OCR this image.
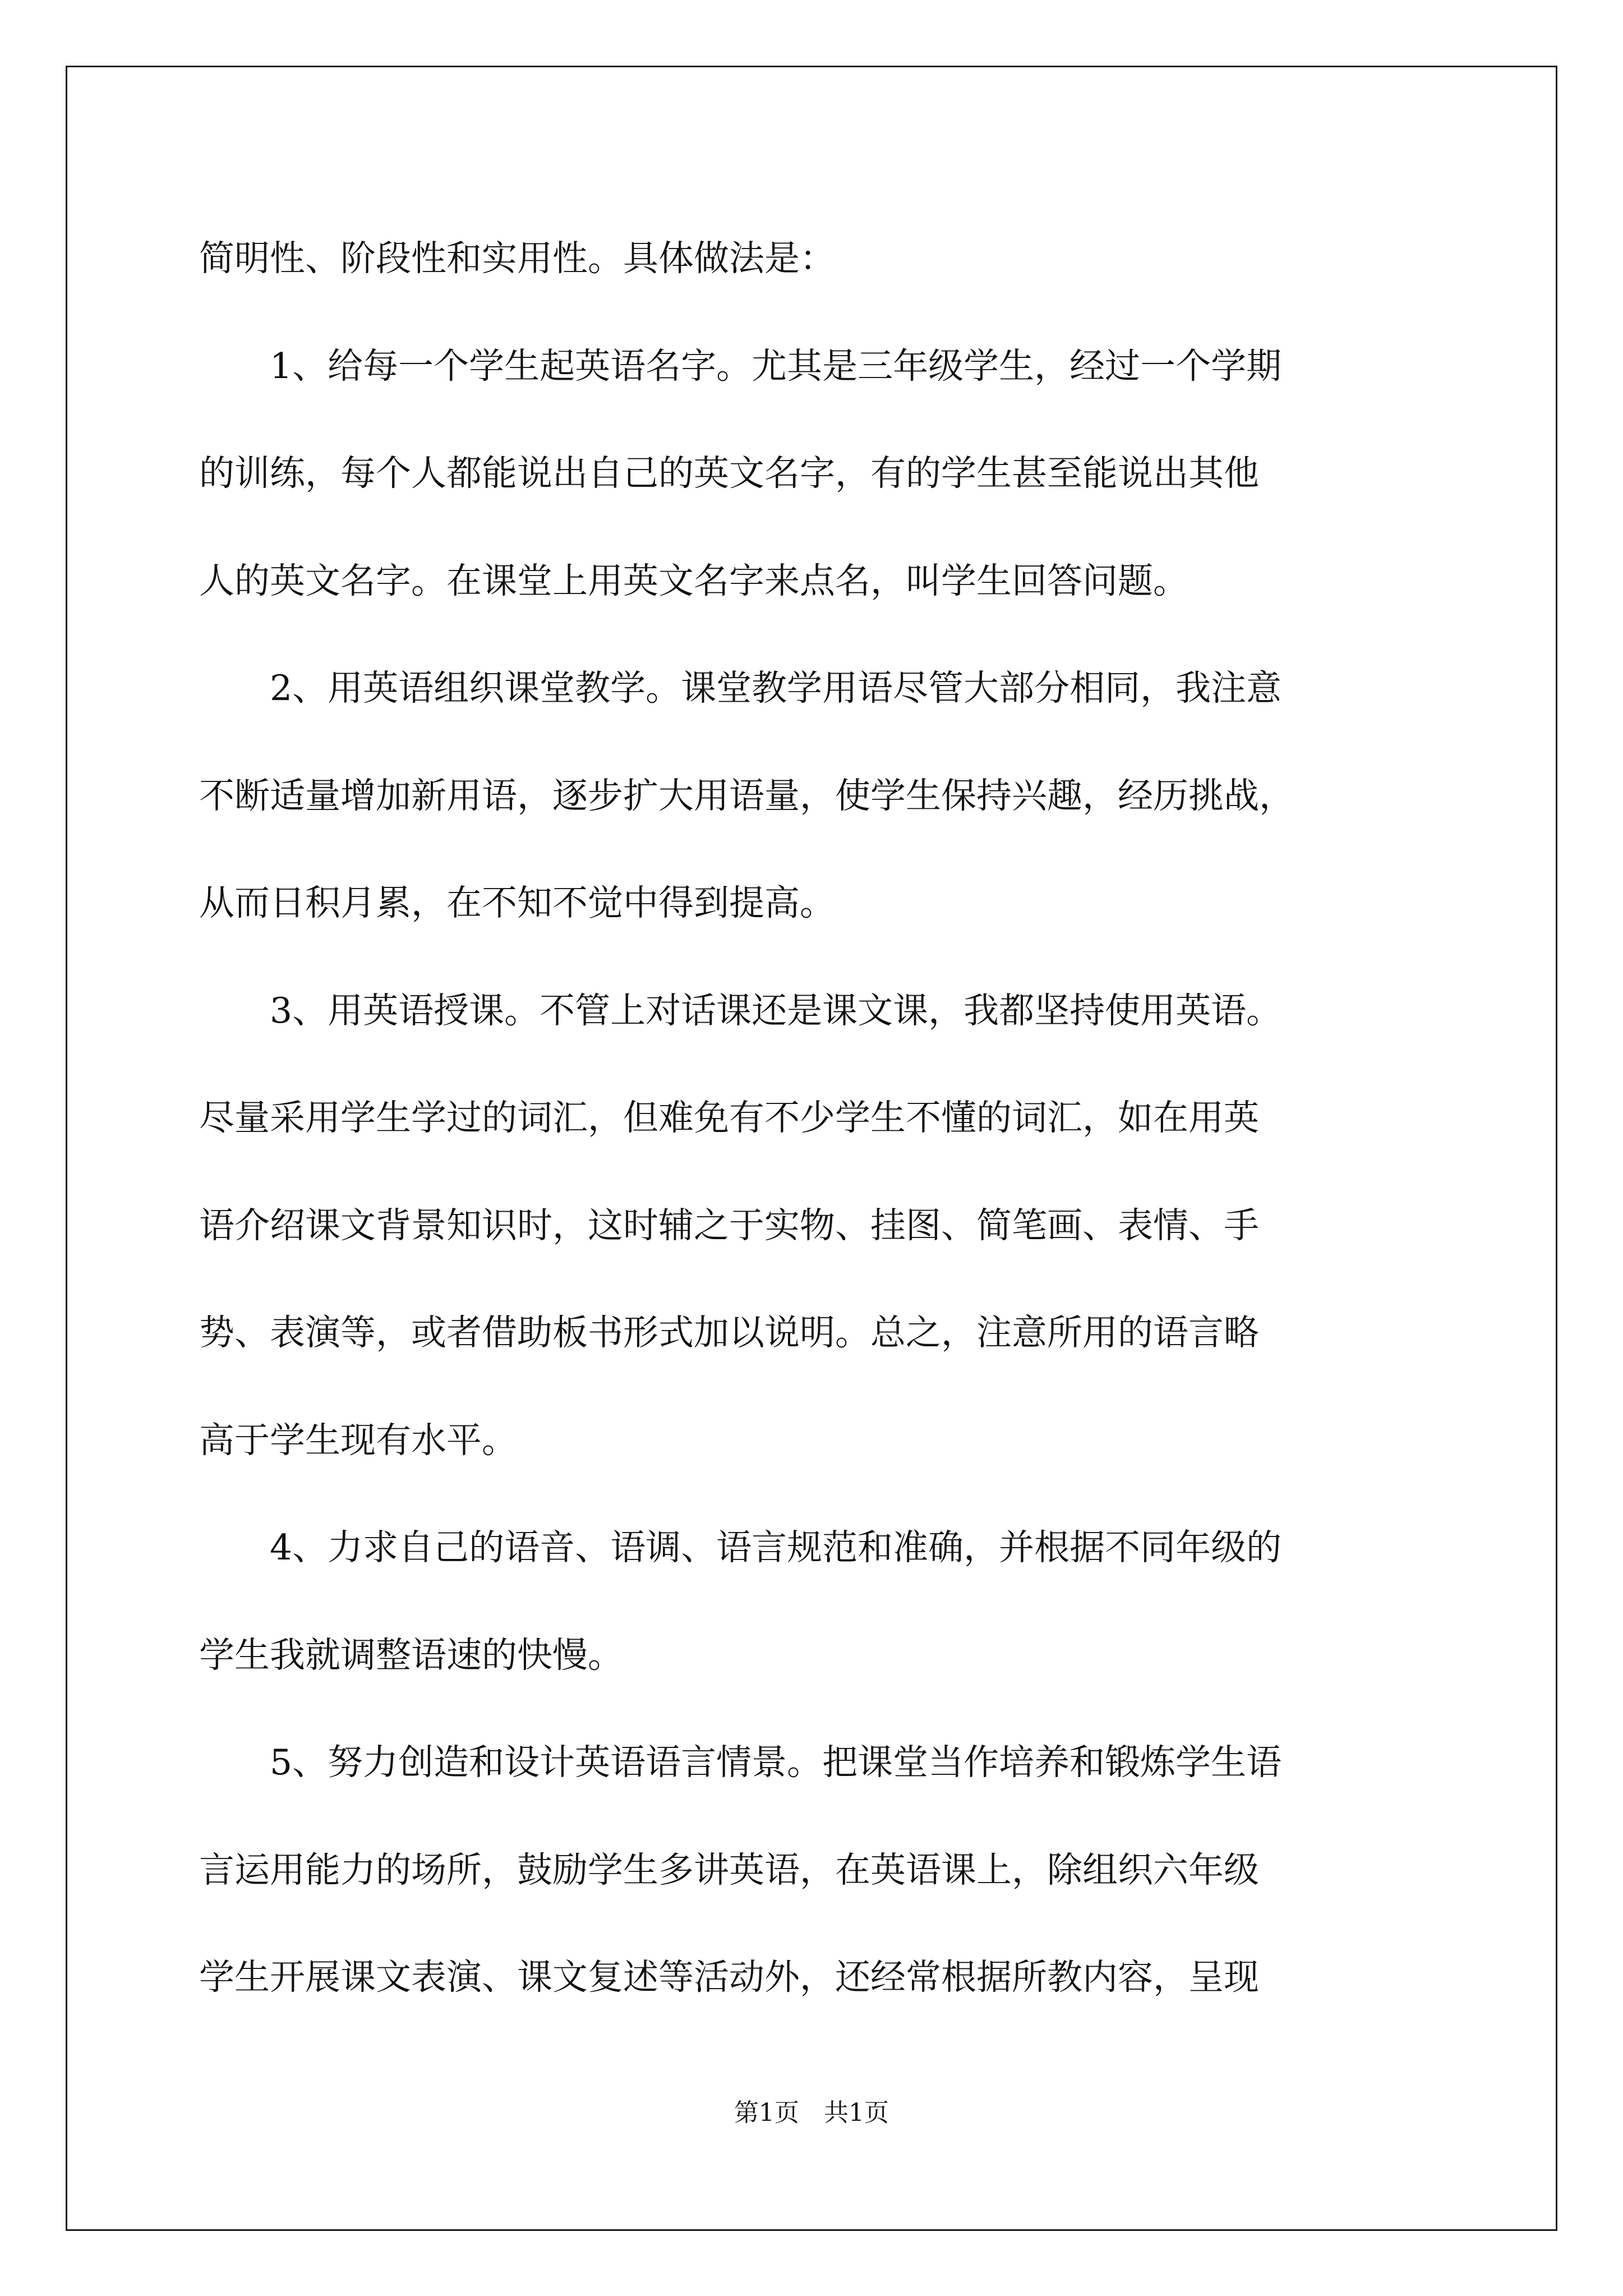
简明性、阶段性和实用性。具体做法是：

1、给每一个学生起英语名字。尤其是三年级学生，经过一个学期

的训练，每个人都能说出自己的英文名字，有的学生甚至能说出其他

人的英文名字。在课堂上用英文名字来点名，叫学生回答问题。

2、用英语组织课堂教学。课堂教学用语尽管大部分相同，我注意

不断适量增加新用语，逐步扩大用语量，使学生保持兴趣，经历挑战，

从而日积月累，在不知不觉中得到提高。

3、用英语授课。不管上对话课还是课文课，我都坚持使用英语。

尽量采用学生学过的词汇，但难免有不少学生不懂的词汇，如在用英

语介绍课文背景知识时，这时辅之于实物、挂图、简笔画、表情、手

势、表演等，或者借助板书形式加以说明。总之，注意所用的语言略

高于学生现有水平。

4、力求自己的语音、语调、语言规范和准确，并根据不同年级的

学生我就调整语速的快慢。

5、努力创造和设计英语语言情景。把课堂当作培养和锻炼学生语

言运用能力的场所，鼓励学生多讲英语，在英语课上，除组织六年级

学生开展课文表演、课文复述等活动外，还经常根据所教内容，呈现

第1页 共1页
